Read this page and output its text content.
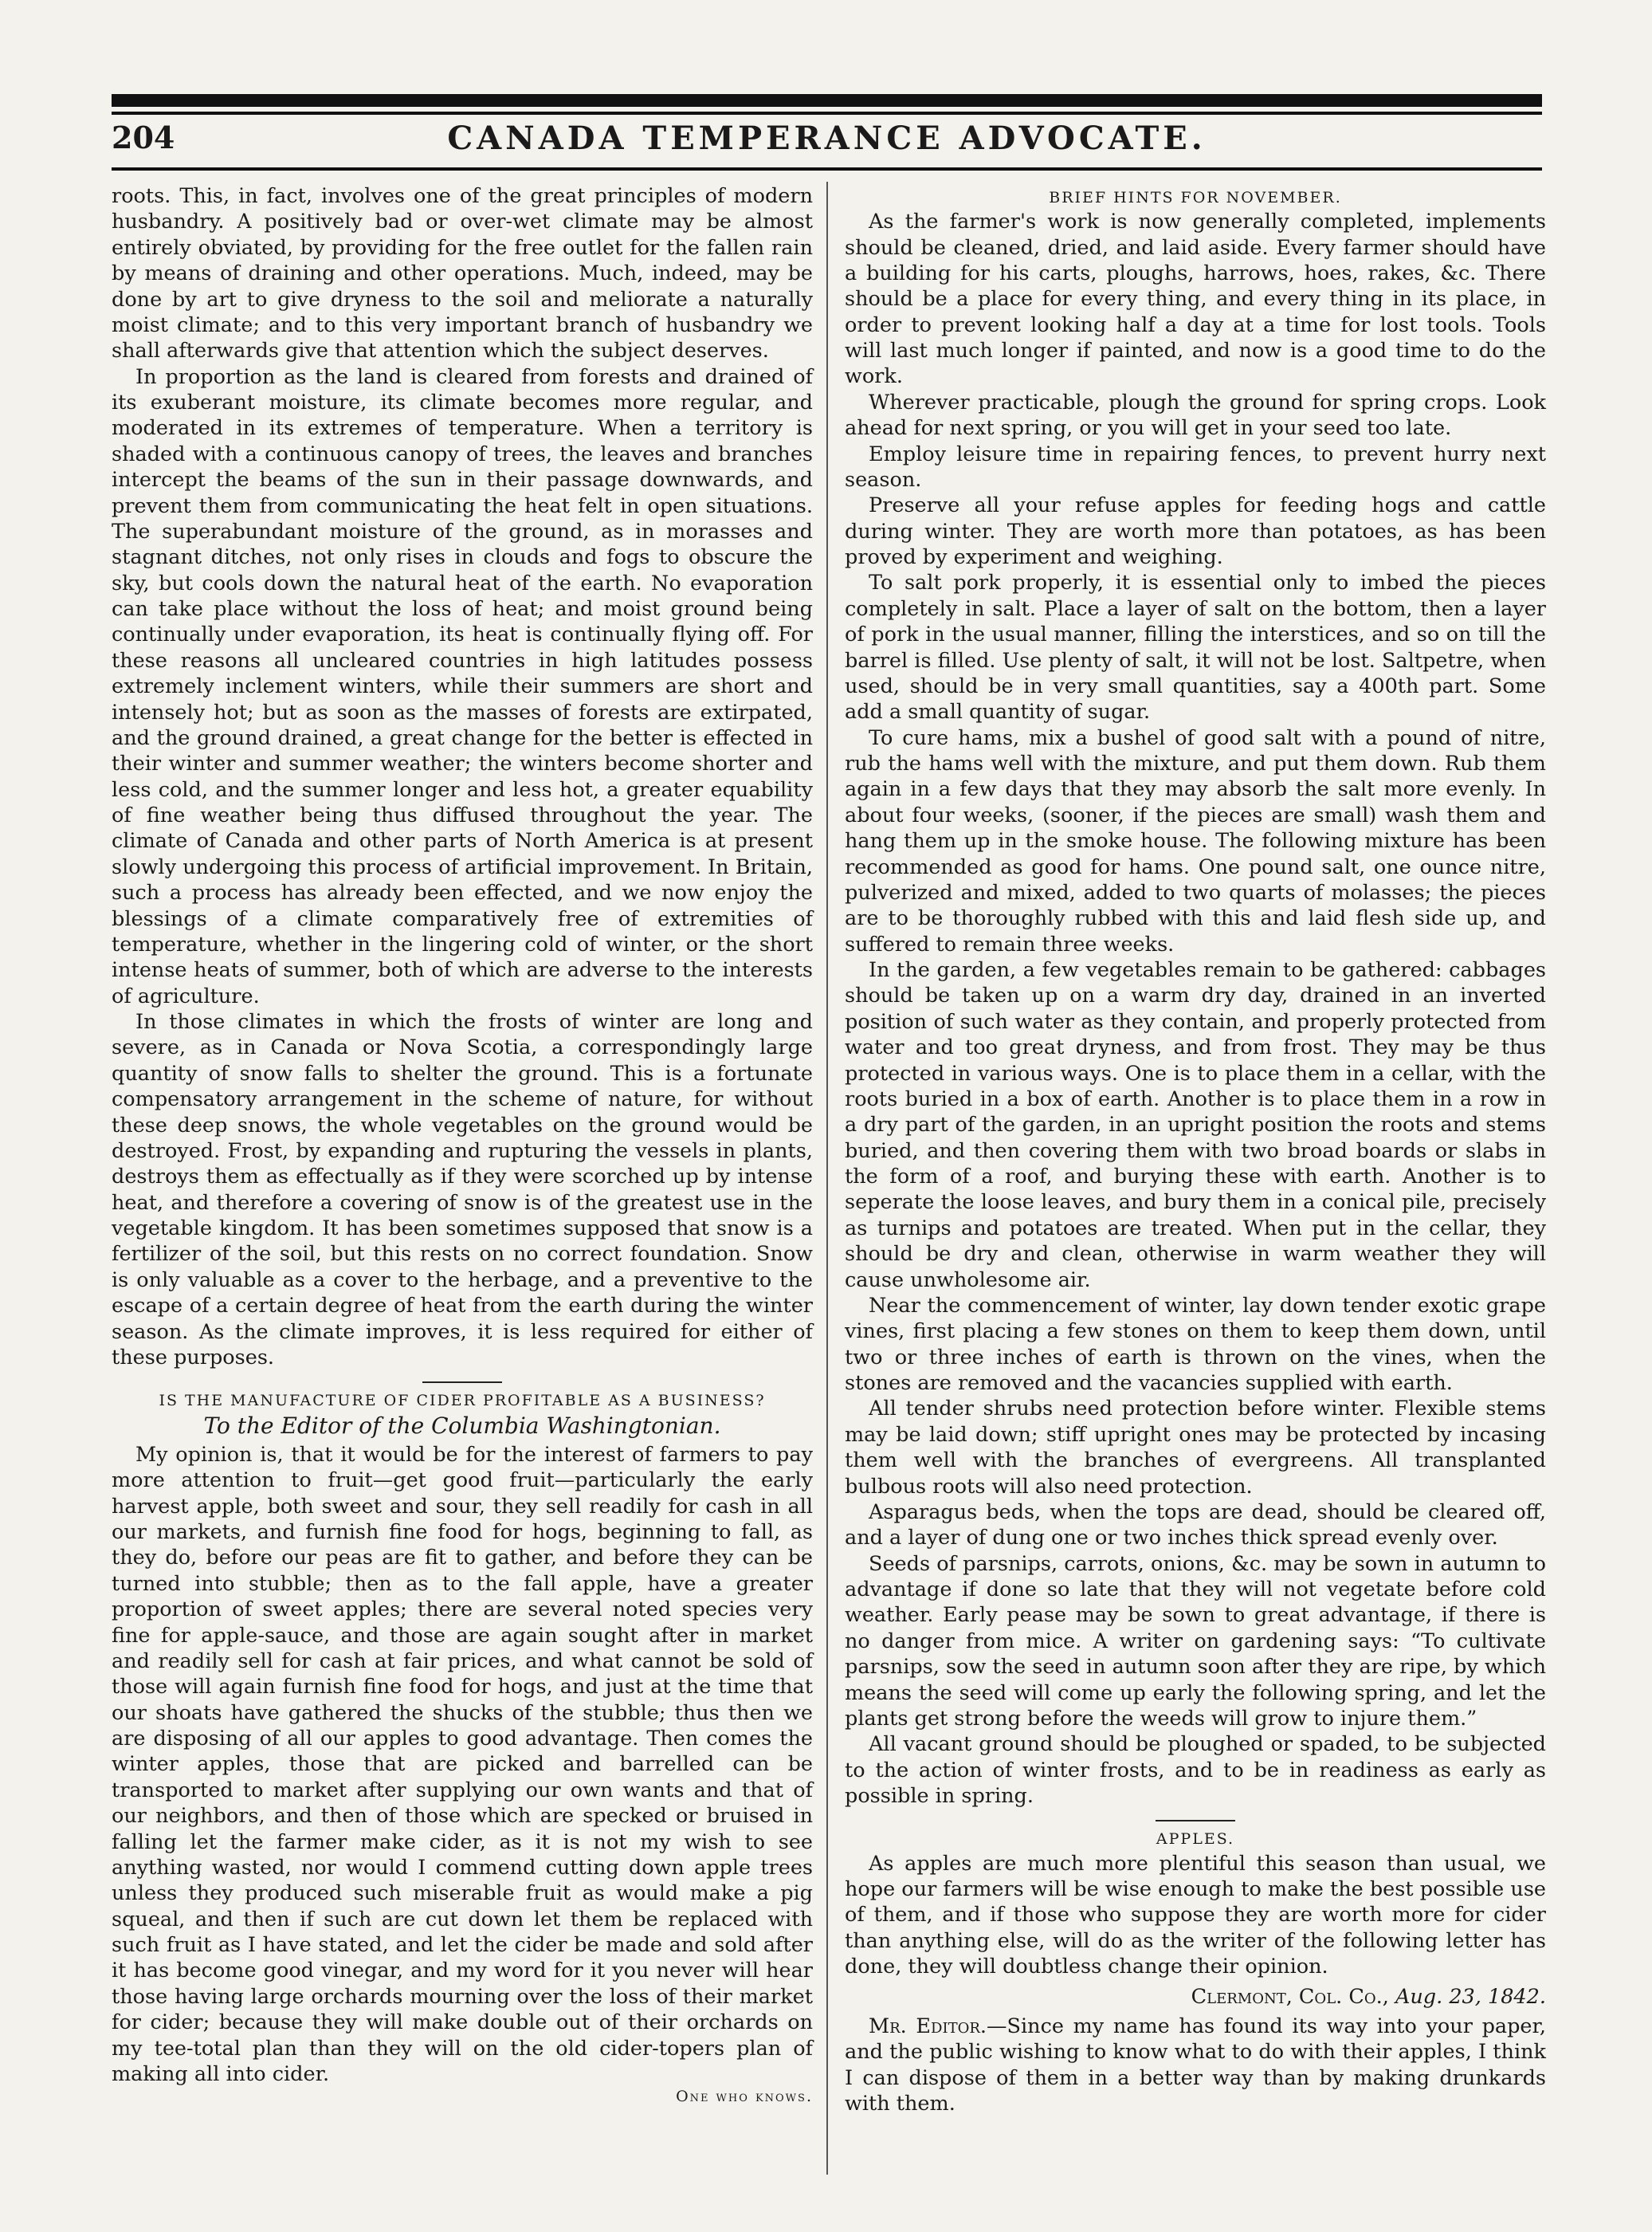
204	CANADA TEMPERANCE ADVOCATE.

roots. This, in fact, involves one of the great principles of modern husbandry. A positively bad or over-wet climate may be almost entirely obviated, by providing for the free outlet for the fallen rain by means of draining and other operations. Much, indeed, may be done by art to give dryness to the soil and meliorate a naturally moist climate; and to this very important branch of husbandry we shall afterwards give that attention which the subject deserves.

In proportion as the land is cleared from forests and drained of its exuberant moisture, its climate becomes more regular, and moderated in its extremes of temperature. When a territory is shaded with a continuous canopy of trees, the leaves and branches intercept the beams of the sun in their passage downwards, and prevent them from communicating the heat felt in open situations. The superabundant moisture of the ground, as in morasses and stagnant ditches, not only rises in clouds and fogs to obscure the sky, but cools down the natural heat of the earth. No evaporation can take place without the loss of heat; and moist ground being continually under evaporation, its heat is continually flying off. For these reasons all uncleared countries in high latitudes possess extremely inclement winters, while their summers are short and intensely hot; but as soon as the masses of forests are extirpated, and the ground drained, a great change for the better is effected in their winter and summer weather; the winters become shorter and less cold, and the summer longer and less hot, a greater equability of fine weather being thus diffused throughout the year. The climate of Canada and other parts of North America is at present slowly undergoing this process of artificial improvement. In Britain, such a process has already been effected, and we now enjoy the blessings of a climate comparatively free of extremities of temperature, whether in the lingering cold of winter, or the short intense heats of summer, both of which are adverse to the interests of agriculture.

In those climates in which the frosts of winter are long and severe, as in Canada or Nova Scotia, a correspondingly large quantity of snow falls to shelter the ground. This is a fortunate compensatory arrangement in the scheme of nature, for without these deep snows, the whole vegetables on the ground would be destroyed. Frost, by expanding and rupturing the vessels in plants, destroys them as effectually as if they were scorched up by intense heat, and therefore a covering of snow is of the greatest use in the vegetable kingdom. It has been sometimes supposed that snow is a fertilizer of the soil, but this rests on no correct foundation. Snow is only valuable as a cover to the herbage, and a preventive to the escape of a certain degree of heat from the earth during the winter season. As the climate improves, it is less required for either of these purposes.

IS THE MANUFACTURE OF CIDER PROFITABLE AS A BUSINESS?

To the Editor of the Columbia Washingtonian.

My opinion is, that it would be for the interest of farmers to pay more attention to fruit—get good fruit—particularly the early harvest apple, both sweet and sour, they sell readily for cash in all our markets, and furnish fine food for hogs, beginning to fall, as they do, before our peas are fit to gather, and before they can be turned into stubble; then as to the fall apple, have a greater proportion of sweet apples; there are several noted species very fine for apple-sauce, and those are again sought after in market and readily sell for cash at fair prices, and what cannot be sold of those will again furnish fine food for hogs, and just at the time that our shoats have gathered the shucks of the stubble; thus then we are disposing of all our apples to good advantage. Then comes the winter apples, those that are picked and barrelled can be transported to market after supplying our own wants and that of our neighbors, and then of those which are specked or bruised in falling let the farmer make cider, as it is not my wish to see anything wasted, nor would I commend cutting down apple trees unless they produced such miserable fruit as would make a pig squeal, and then if such are cut down let them be replaced with such fruit as I have stated, and let the cider be made and sold after it has become good vinegar, and my word for it you never will hear those having large orchards mourning over the loss of their market for cider; because they will make double out of their orchards on my tee-total plan than they will on the old cider-topers plan of making all into cider.

One who knows.

BRIEF HINTS FOR NOVEMBER.

As the farmer's work is now generally completed, implements should be cleaned, dried, and laid aside. Every farmer should have a building for his carts, ploughs, harrows, hoes, rakes, &c. There should be a place for every thing, and every thing in its place, in order to prevent looking half a day at a time for lost tools. Tools will last much longer if painted, and now is a good time to do the work.

Wherever practicable, plough the ground for spring crops. Look ahead for next spring, or you will get in your seed too late.

Employ leisure time in repairing fences, to prevent hurry next season.

Preserve all your refuse apples for feeding hogs and cattle during winter. They are worth more than potatoes, as has been proved by experiment and weighing.

To salt pork properly, it is essential only to imbed the pieces completely in salt. Place a layer of salt on the bottom, then a layer of pork in the usual manner, filling the interstices, and so on till the barrel is filled. Use plenty of salt, it will not be lost. Saltpetre, when used, should be in very small quantities, say a 400th part. Some add a small quantity of sugar.

To cure hams, mix a bushel of good salt with a pound of nitre, rub the hams well with the mixture, and put them down. Rub them again in a few days that they may absorb the salt more evenly. In about four weeks, (sooner, if the pieces are small) wash them and hang them up in the smoke house. The following mixture has been recommended as good for hams. One pound salt, one ounce nitre, pulverized and mixed, added to two quarts of molasses; the pieces are to be thoroughly rubbed with this and laid flesh side up, and suffered to remain three weeks.

In the garden, a few vegetables remain to be gathered: cabbages should be taken up on a warm dry day, drained in an inverted position of such water as they contain, and properly protected from water and too great dryness, and from frost. They may be thus protected in various ways. One is to place them in a cellar, with the roots buried in a box of earth. Another is to place them in a row in a dry part of the garden, in an upright position the roots and stems buried, and then covering them with two broad boards or slabs in the form of a roof, and burying these with earth. Another is to seperate the loose leaves, and bury them in a conical pile, precisely as turnips and potatoes are treated. When put in the cellar, they should be dry and clean, otherwise in warm weather they will cause unwholesome air.

Near the commencement of winter, lay down tender exotic grape vines, first placing a few stones on them to keep them down, until two or three inches of earth is thrown on the vines, when the stones are removed and the vacancies supplied with earth.

All tender shrubs need protection before winter. Flexible stems may be laid down; stiff upright ones may be protected by incasing them well with the branches of evergreens. All transplanted bulbous roots will also need protection.

Asparagus beds, when the tops are dead, should be cleared off, and a layer of dung one or two inches thick spread evenly over.

Seeds of parsnips, carrots, onions, &c. may be sown in autumn to advantage if done so late that they will not vegetate before cold weather. Early pease may be sown to great advantage, if there is no danger from mice. A writer on gardening says: “To cultivate parsnips, sow the seed in autumn soon after they are ripe, by which means the seed will come up early the following spring, and let the plants get strong before the weeds will grow to injure them.”

All vacant ground should be ploughed or spaded, to be subjected to the action of winter frosts, and to be in readiness as early as possible in spring.

APPLES.

As apples are much more plentiful this season than usual, we hope our farmers will be wise enough to make the best possible use of them, and if those who suppose they are worth more for cider than anything else, will do as the writer of the following letter has done, they will doubtless change their opinion.

Clermont, Col. Co., Aug. 23, 1842.

Mr. Editor.—Since my name has found its way into your paper, and the public wishing to know what to do with their apples, I think I can dispose of them in a better way than by making drunkards with them.
